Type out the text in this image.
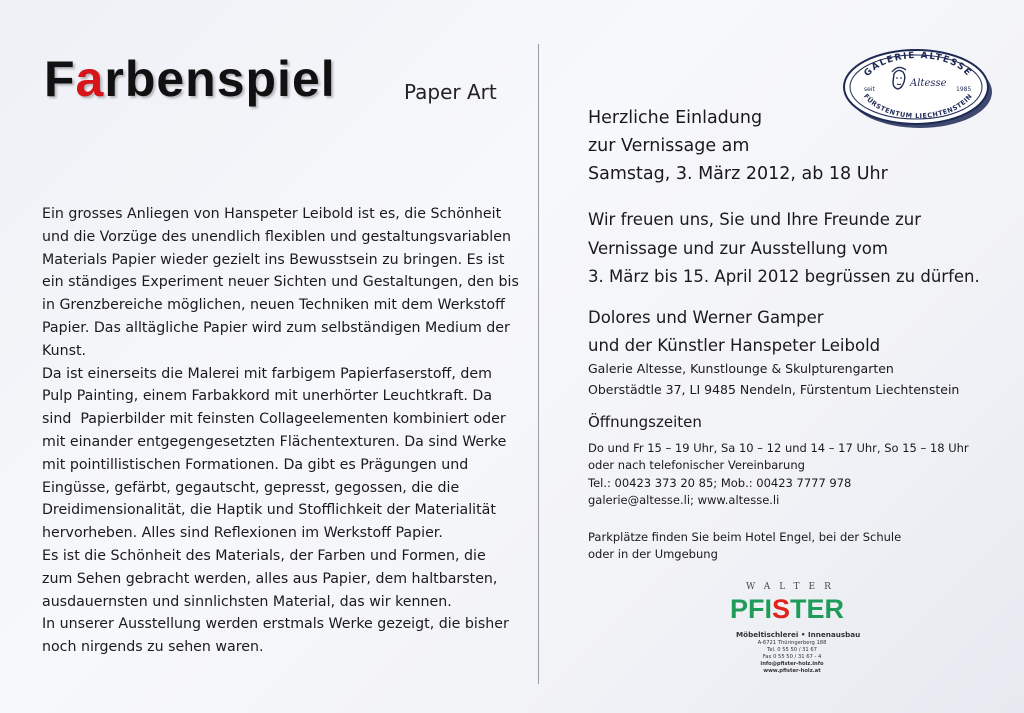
Farbenspiel	Paper Art
Ein grosses Anliegen von Hanspeter Leibold ist es, die Schönheit
und die Vorzüge des unendlich flexiblen und gestaltungsvariablen
Materials Papier wieder gezielt ins Bewusstsein zu bringen. Es ist
ein ständiges Experiment neuer Sichten und Gestaltungen, den bis
in Grenzbereiche möglichen, neuen Techniken mit dem Werkstoff
Papier. Das alltägliche Papier wird zum selbständigen Medium der
Kunst.
Da ist einerseits die Malerei mit farbigem Papierfaserstoff, dem
Pulp Painting, einem Farbakkord mit unerhörter Leuchtkraft. Da
sind  Papierbilder mit feinsten Collageelementen kombiniert oder
mit einander entgegengesetzten Flächentexturen. Da sind Werke
mit pointillistischen Formationen. Da gibt es Prägungen und
Eingüsse, gefärbt, gegautscht, gepresst, gegossen, die die
Dreidimensionalität, die Haptik und Stofflichkeit der Materialität
hervorheben. Alles sind Reflexionen im Werkstoff Papier.
Es ist die Schönheit des Materials, der Farben und Formen, die
zum Sehen gebracht werden, alles aus Papier, dem haltbarsten,
ausdauernsten und sinnlichsten Material, das wir kennen.
In unserer Ausstellung werden erstmals Werke gezeigt, die bisher
noch nirgends zu sehen waren.
GALERIE ALTESSE
FÜRSTENTUM LIECHTENSTEIN
seit	1985
Altesse
Herzliche Einladung
zur Vernissage am
Samstag, 3. März 2012, ab 18 Uhr
Wir freuen uns, Sie und Ihre Freunde zur
Vernissage und zur Ausstellung vom
3. März bis 15. April 2012 begrüssen zu dürfen.
Dolores und Werner Gamper
und der Künstler Hanspeter Leibold
Galerie Altesse, Kunstlounge & Skulpturengarten
Oberstädtle 37, LI 9485 Nendeln, Fürstentum Liechtenstein
Öffnungszeiten
Do und Fr 15 – 19 Uhr, Sa 10 – 12 und 14 – 17 Uhr, So 15 – 18 Uhr
oder nach telefonischer Vereinbarung
Tel.: 00423 373 20 85; Mob.: 00423 7777 978
galerie@altesse.li; www.altesse.li
Parkplätze finden Sie beim Hotel Engel, bei der Schule
oder in der Umgebung
WALTER
PFISTER
Möbeltischlerei • Innenausbau
A-6721 Thüringerberg 188
Tel. 0 55 50 / 31 67
Fax 0 55 50 / 31 67 - 4
info@pfister-holz.info
www.pfister-holz.at
